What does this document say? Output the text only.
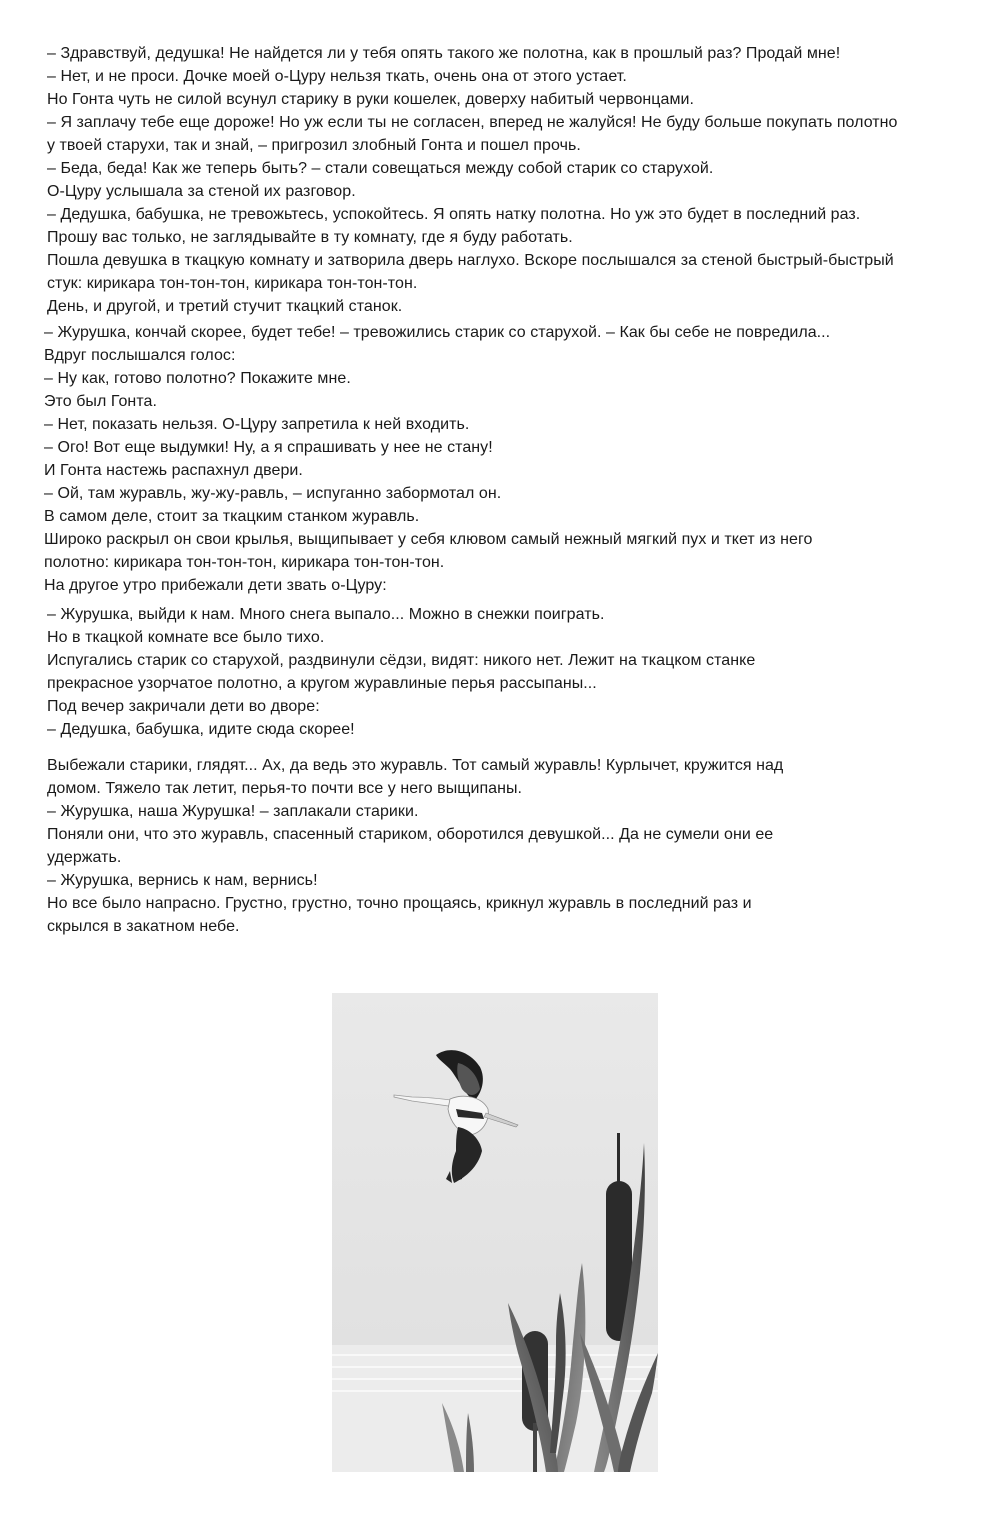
– Здравствуй, дедушка! Не найдется ли у тебя опять такого же полотна, как в прошлый раз? Продай мне!
– Нет, и не проси. Дочке моей о-Цуру нельзя ткать, очень она от этого устает.
Но Гонта чуть не силой всунул старику в руки кошелек, доверху набитый червонцами.
– Я заплачу тебе еще дороже! Но уж если ты не согласен, вперед не жалуйся! Не буду больше покупать полотно
у твоей старухи, так и знай, – пригрозил злобный Гонта и пошел прочь.
– Беда, беда! Как же теперь быть? – стали совещаться между собой старик со старухой.
О-Цуру услышала за стеной их разговор.
– Дедушка, бабушка, не тревожьтесь, успокойтесь. Я опять натку полотна. Но уж это будет в последний раз.
Прошу вас только, не заглядывайте в ту комнату, где я буду работать.
Пошла девушка в ткацкую комнату и затворила дверь наглухо. Вскоре послышался за стеной быстрый-быстрый
стук: кирикара тон-тон-тон, кирикара тон-тон-тон.
День, и другой, и третий стучит ткацкий станок.
– Журушка, кончай скорее, будет тебе! – тревожились старик со старухой. – Как бы себе не повредила...
Вдруг послышался голос:
– Ну как, готово полотно? Покажите мне.
Это был Гонта.
– Нет, показать нельзя. О-Цуру запретила к ней входить.
– Ого! Вот еще выдумки! Ну, а я спрашивать у нее не стану!
И Гонта настежь распахнул двери.
– Ой, там журавль, жу-жу-равль, – испуганно забормотал он.
В самом деле, стоит за ткацким станком журавль.
Широко раскрыл он свои крылья, выщипывает у себя клювом самый нежный мягкий пух и ткет из него
полотно: кирикара тон-тон-тон, кирикара тон-тон-тон.
На другое утро прибежали дети звать о-Цуру:
– Журушка, выйди к нам. Много снега выпало... Можно в снежки поиграть.
Но в ткацкой комнате все было тихо.
Испугались старик со старухой, раздвинули сёдзи, видят: никого нет. Лежит на ткацком станке
прекрасное узорчатое полотно, а кругом журавлиные перья рассыпаны...
Под вечер закричали дети во дворе:
– Дедушка, бабушка, идите сюда скорее!
Выбежали старики, глядят... Ах, да ведь это журавль. Тот самый журавль! Курлычет, кружится над
домом. Тяжело так летит, перья-то почти все у него выщипаны.
– Журушка, наша Журушка! – заплакали старики.
Поняли они, что это журавль, спасенный стариком, оборотился девушкой... Да не сумели они ее
удержать.
– Журушка, вернись к нам, вернись!
Но все было напрасно. Грустно, грустно, точно прощаясь, крикнул журавль в последний раз и
скрылся в закатном небе.
